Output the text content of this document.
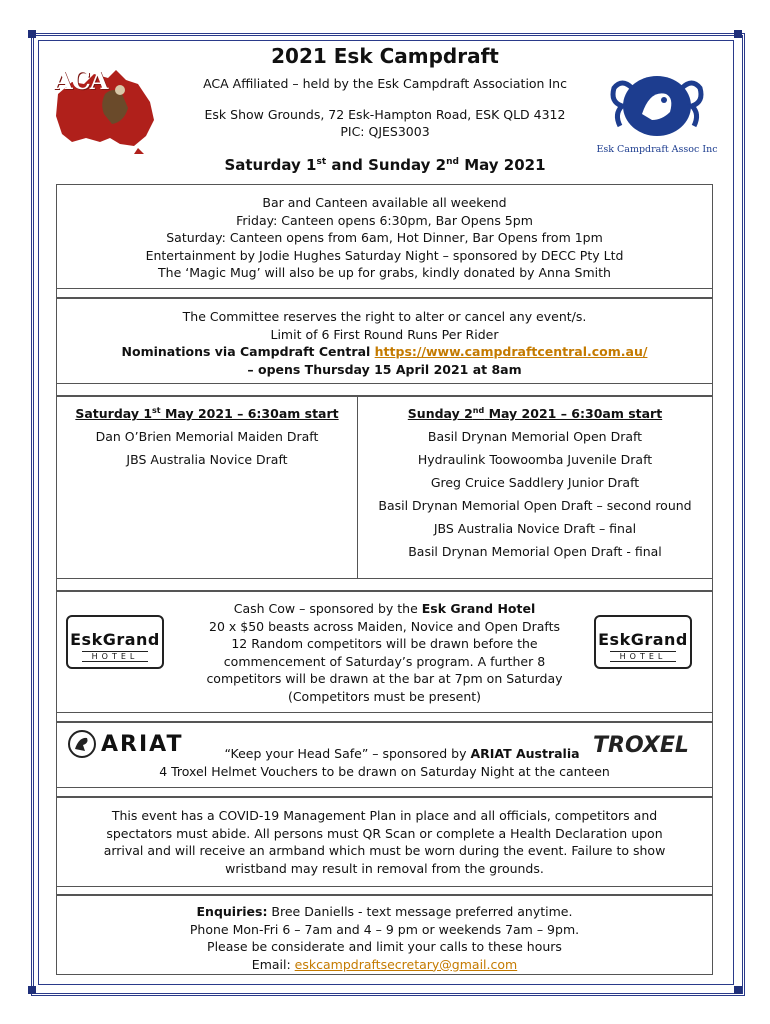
2021 Esk Campdraft
ACA Affiliated – held by the Esk Campdraft Association Inc
Esk Show Grounds, 72 Esk-Hampton Road, ESK QLD 4312
PIC: QJES3003
ACA
Esk Campdraft Assoc Inc
Saturday 1st and Sunday 2nd May 2021
Bar and Canteen available all weekend
Friday: Canteen opens 6:30pm, Bar Opens 5pm
Saturday: Canteen opens from 6am, Hot Dinner, Bar Opens from 1pm
Entertainment by Jodie Hughes Saturday Night – sponsored by DECC Pty Ltd
The ‘Magic Mug’ will also be up for grabs, kindly donated by Anna Smith
The Committee reserves the right to alter or cancel any event/s.
Limit of 6 First Round Runs Per Rider
Nominations via Campdraft Central https://www.campdraftcentral.com.au/
– opens Thursday 15 April 2021 at 8am
Saturday 1st May 2021 – 6:30am start
Dan O’Brien Memorial Maiden Draft
JBS Australia Novice Draft
Sunday 2nd May 2021 – 6:30am start
Basil Drynan Memorial Open Draft
Hydraulink Toowoomba Juvenile Draft
Greg Cruice Saddlery Junior Draft
Basil Drynan Memorial Open Draft – second round
JBS Australia Novice Draft – final
Basil Drynan Memorial Open Draft - final
Cash Cow – sponsored by the Esk Grand Hotel
20 x $50 beasts across Maiden, Novice and Open Drafts
12 Random competitors will be drawn before the
commencement of Saturday’s program. A further 8
competitors will be drawn at the bar at 7pm on Saturday
(Competitors must be present)
EskGrand
HOTEL
EskGrand
HOTEL
ARIAT	TROXEL
“Keep your Head Safe” – sponsored by ARIAT Australia
4 Troxel Helmet Vouchers to be drawn on Saturday Night at the canteen
This event has a COVID-19 Management Plan in place and all officials, competitors and
spectators must abide. All persons must QR Scan or complete a Health Declaration upon
arrival and will receive an armband which must be worn during the event. Failure to show
wristband may result in removal from the grounds.
Enquiries: Bree Daniells - text message preferred anytime.
Phone Mon-Fri 6 – 7am and 4 – 9 pm or weekends 7am – 9pm.
Please be considerate and limit your calls to these hours
Email: eskcampdraftsecretary@gmail.com
